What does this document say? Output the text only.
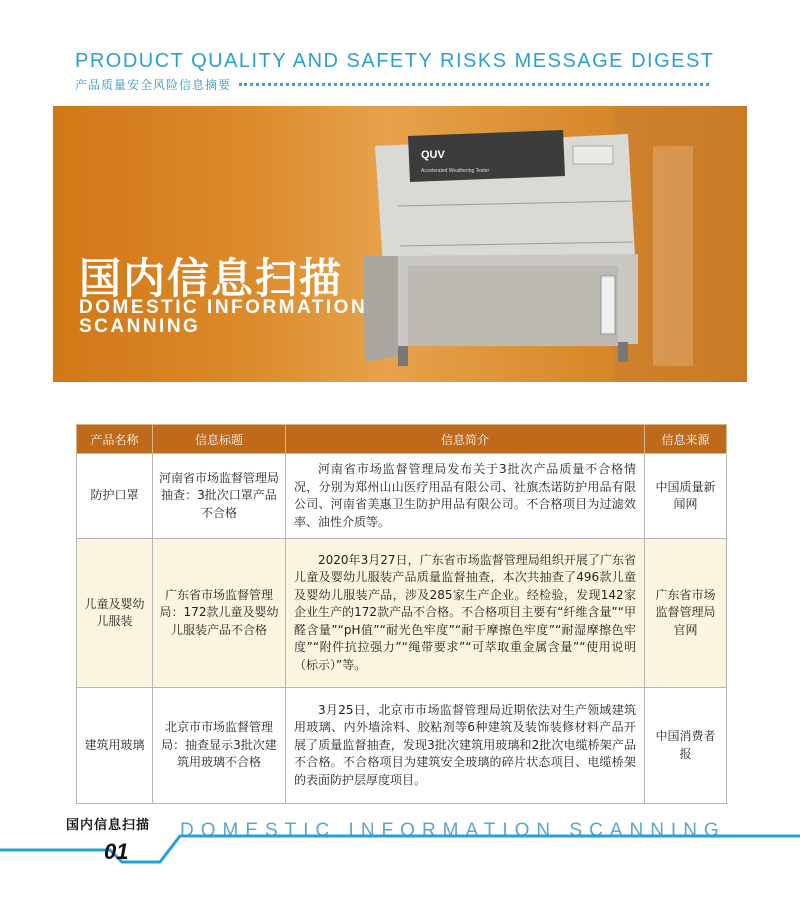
PRODUCT QUALITY AND SAFETY RISKS MESSAGE DIGEST
产品质量安全风险信息摘要
QUV
Accelerated Weathering Tester
国内信息扫描
DOMESTIC INFORMATION
SCANNING
产品名称	信息标题	信息简介	信息来源
防护口罩	河南省市场监督管理局抽查：3批次口罩产品不合格	河南省市场监督管理局发布关于3批次产品质量不合格情况，分别为郑州山山医疗用品有限公司、社旗杰诺防护用品有限公司、河南省美惠卫生防护用品有限公司。不合格项目为过滤效率、油性介质等。	中国质量新闻网
儿童及婴幼儿服装	广东省市场监督管理局：172款儿童及婴幼儿服装产品不合格	2020年3月27日，广东省市场监督管理局组织开展了广东省儿童及婴幼儿服装产品质量监督抽查，本次共抽查了496款儿童及婴幼儿服装产品，涉及285家生产企业。经检验，发现142家企业生产的172款产品不合格。不合格项目主要有“纤维含量”“甲醛含量”“pH值”“耐光色牢度”“耐干摩擦色牢度”“耐湿摩擦色牢度”“附件抗拉强力”“绳带要求”“可萃取重金属含量”“使用说明（标示）”等。	广东省市场监督管理局官网
建筑用玻璃	北京市市场监督管理局：抽查显示3批次建筑用玻璃不合格	3月25日，北京市市场监督管理局近期依法对生产领域建筑用玻璃、内外墙涂料、胶粘剂等6种建筑及装饰装修材料产品开展了质量监督抽查，发现3批次建筑用玻璃和2批次电缆桥架产品不合格。不合格项目为建筑安全玻璃的碎片状态项目、电缆桥架的表面防护层厚度项目。	中国消费者报
国内信息扫描 DOMESTIC INFORMATION SCANNING
01
